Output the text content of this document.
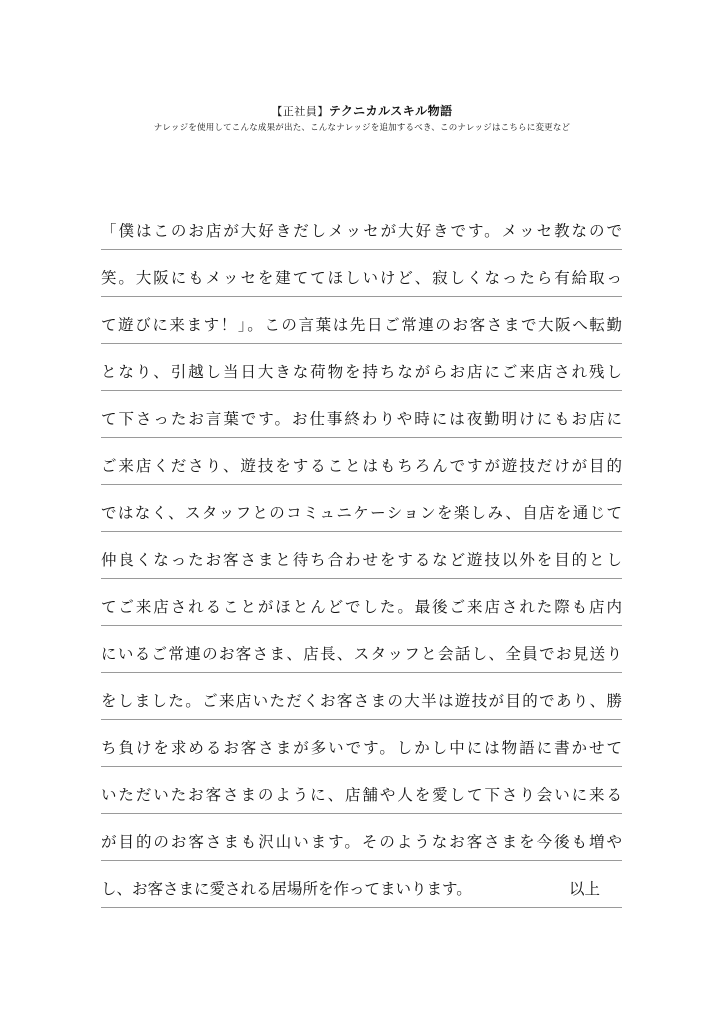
【正社員】テクニカルスキル物語
ナレッジを使用してこんな成果が出た、こんなナレッジを追加するべき、このナレッジはこちらに変更など
「僕はこのお店が大好きだしメッセが大好きです。メッセ教なので
笑。大阪にもメッセを建ててほしいけど、寂しくなったら有給取っ
て遊びに来ます！」。この言葉は先日ご常連のお客さまで大阪へ転勤
となり、引越し当日大きな荷物を持ちながらお店にご来店され残し
て下さったお言葉です。お仕事終わりや時には夜勤明けにもお店に
ご来店くださり、遊技をすることはもちろんですが遊技だけが目的
ではなく、スタッフとのコミュニケーションを楽しみ、自店を通じて
仲良くなったお客さまと待ち合わせをするなど遊技以外を目的とし
てご来店されることがほとんどでした。最後ご来店された際も店内
にいるご常連のお客さま、店長、スタッフと会話し、全員でお見送り
をしました。ご来店いただくお客さまの大半は遊技が目的であり、勝
ち負けを求めるお客さまが多いです。しかし中には物語に書かせて
いただいたお客さまのように、店舗や人を愛して下さり会いに来る
が目的のお客さまも沢山います。そのようなお客さまを今後も増や
し、お客さまに愛される居場所を作ってまいります。	以上
